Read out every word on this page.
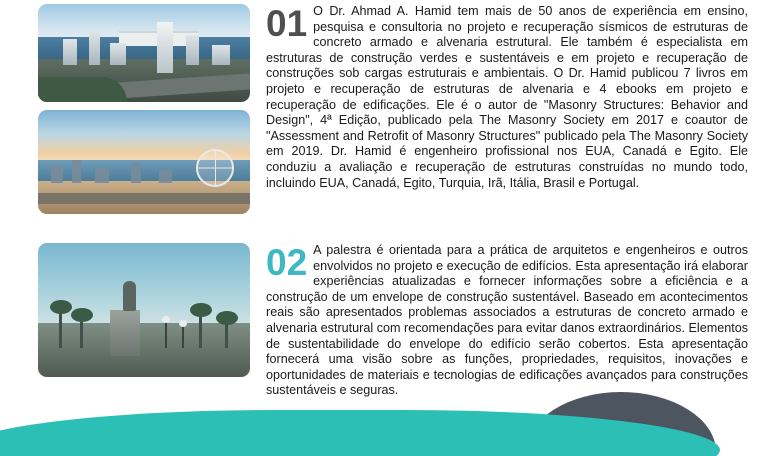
01 O Dr. Ahmad A. Hamid tem mais de 50 anos de experiência em ensino, pesquisa e consultoria no projeto e recuperação sísmicos de estruturas de concreto armado e alvenaria estrutural. Ele também é especialista em estruturas de construção verdes e sustentáveis e em projeto e recuperação de construções sob cargas estruturais e ambientais. O Dr. Hamid publicou 7 livros em projeto e recuperação de estruturas de alvenaria e 4 ebooks em projeto e recuperação de edificações. Ele é o autor de "Masonry Structures: Behavior and Design", 4ª Edição, publicado pela The Masonry Society em 2017 e coautor de "Assessment and Retrofit of Masonry Structures" publicado pela The Masonry Society em 2019. Dr. Hamid é engenheiro profissional nos EUA, Canadá e Egito. Ele conduziu a avaliação e recuperação de estruturas construídas no mundo todo, incluindo EUA, Canadá, Egito, Turquia, Irã, Itália, Brasil e Portugal.
02 A palestra é orientada para a prática de arquitetos e engenheiros e outros envolvidos no projeto e execução de edifícios. Esta apresentação irá elaborar experiências atualizadas e fornecer informações sobre a eficiência e a construção de um envelope de construção sustentável. Baseado em acontecimentos reais são apresentados problemas associados a estruturas de concreto armado e alvenaria estrutural com recomendações para evitar danos extraordinários. Elementos de sustentabilidade do envelope do edifício serão cobertos. Esta apresentação fornecerá uma visão sobre as funções, propriedades, requisitos, inovações e oportunidades de materiais e tecnologias de edificações avançados para construções sustentáveis e seguras.
